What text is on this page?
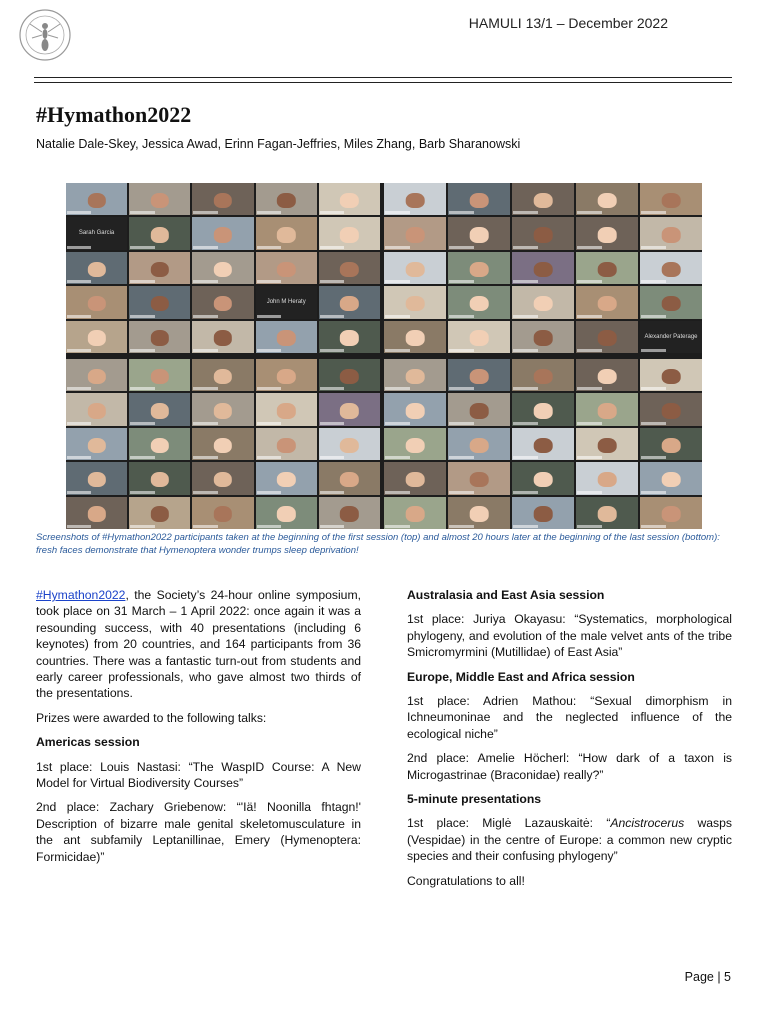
HAMULI 13/1 – December 2022
#Hymathon2022
Natalie Dale-Skey, Jessica Awad, Erinn Fagan-Jeffries, Miles Zhang, Barb Sharanowski
Sarah Garcia
John M Heraty
Alexander Paterage

Screenshots of #Hymathon2022 participants taken at the beginning of the first session (top) and almost 20 hours later at the beginning of the last session (bottom): fresh faces demonstrate that Hymenoptera wonder trumps sleep deprivation!

#Hymathon2022, the Society’s 24-hour online symposium, took place on 31 March – 1 April 2022: once again it was a resounding success, with 40 presentations (including 6 keynotes) from 20 countries, and 164 participants from 36 countries. There was a fantastic turn-out from students and early career professionals, who gave almost two thirds of the presentations.

Prizes were awarded to the following talks:

Americas session

1st place: Louis Nastasi: “The WaspID Course: A New Model for Virtual Biodiversity Courses”

2nd place: Zachary Griebenow: “'Iä! Noonilla fhtagn!' Description of bizarre male genital skeletomusculature in the ant subfamily Leptanillinae, Emery (Hymenoptera: Formicidae)”

Australasia and East Asia session

1st place: Juriya Okayasu: “Systematics, morphological phylogeny, and evolution of the male velvet ants of the tribe Smicromyrmini (Mutillidae) of East Asia”

Europe, Middle East and Africa session

1st place: Adrien Mathou: “Sexual dimorphism in Ichneumoninae and the neglected influence of the ecological niche”

2nd place: Amelie Höcherl: “How dark of a taxon is Microgastrinae (Braconidae) really?”

5-minute presentations

1st place: Miglė Lazauskaitė: “Ancistrocerus wasps (Vespidae) in the centre of Europe: a common new cryptic species and their confusing phylogeny”

Congratulations to all!

Page | 5
